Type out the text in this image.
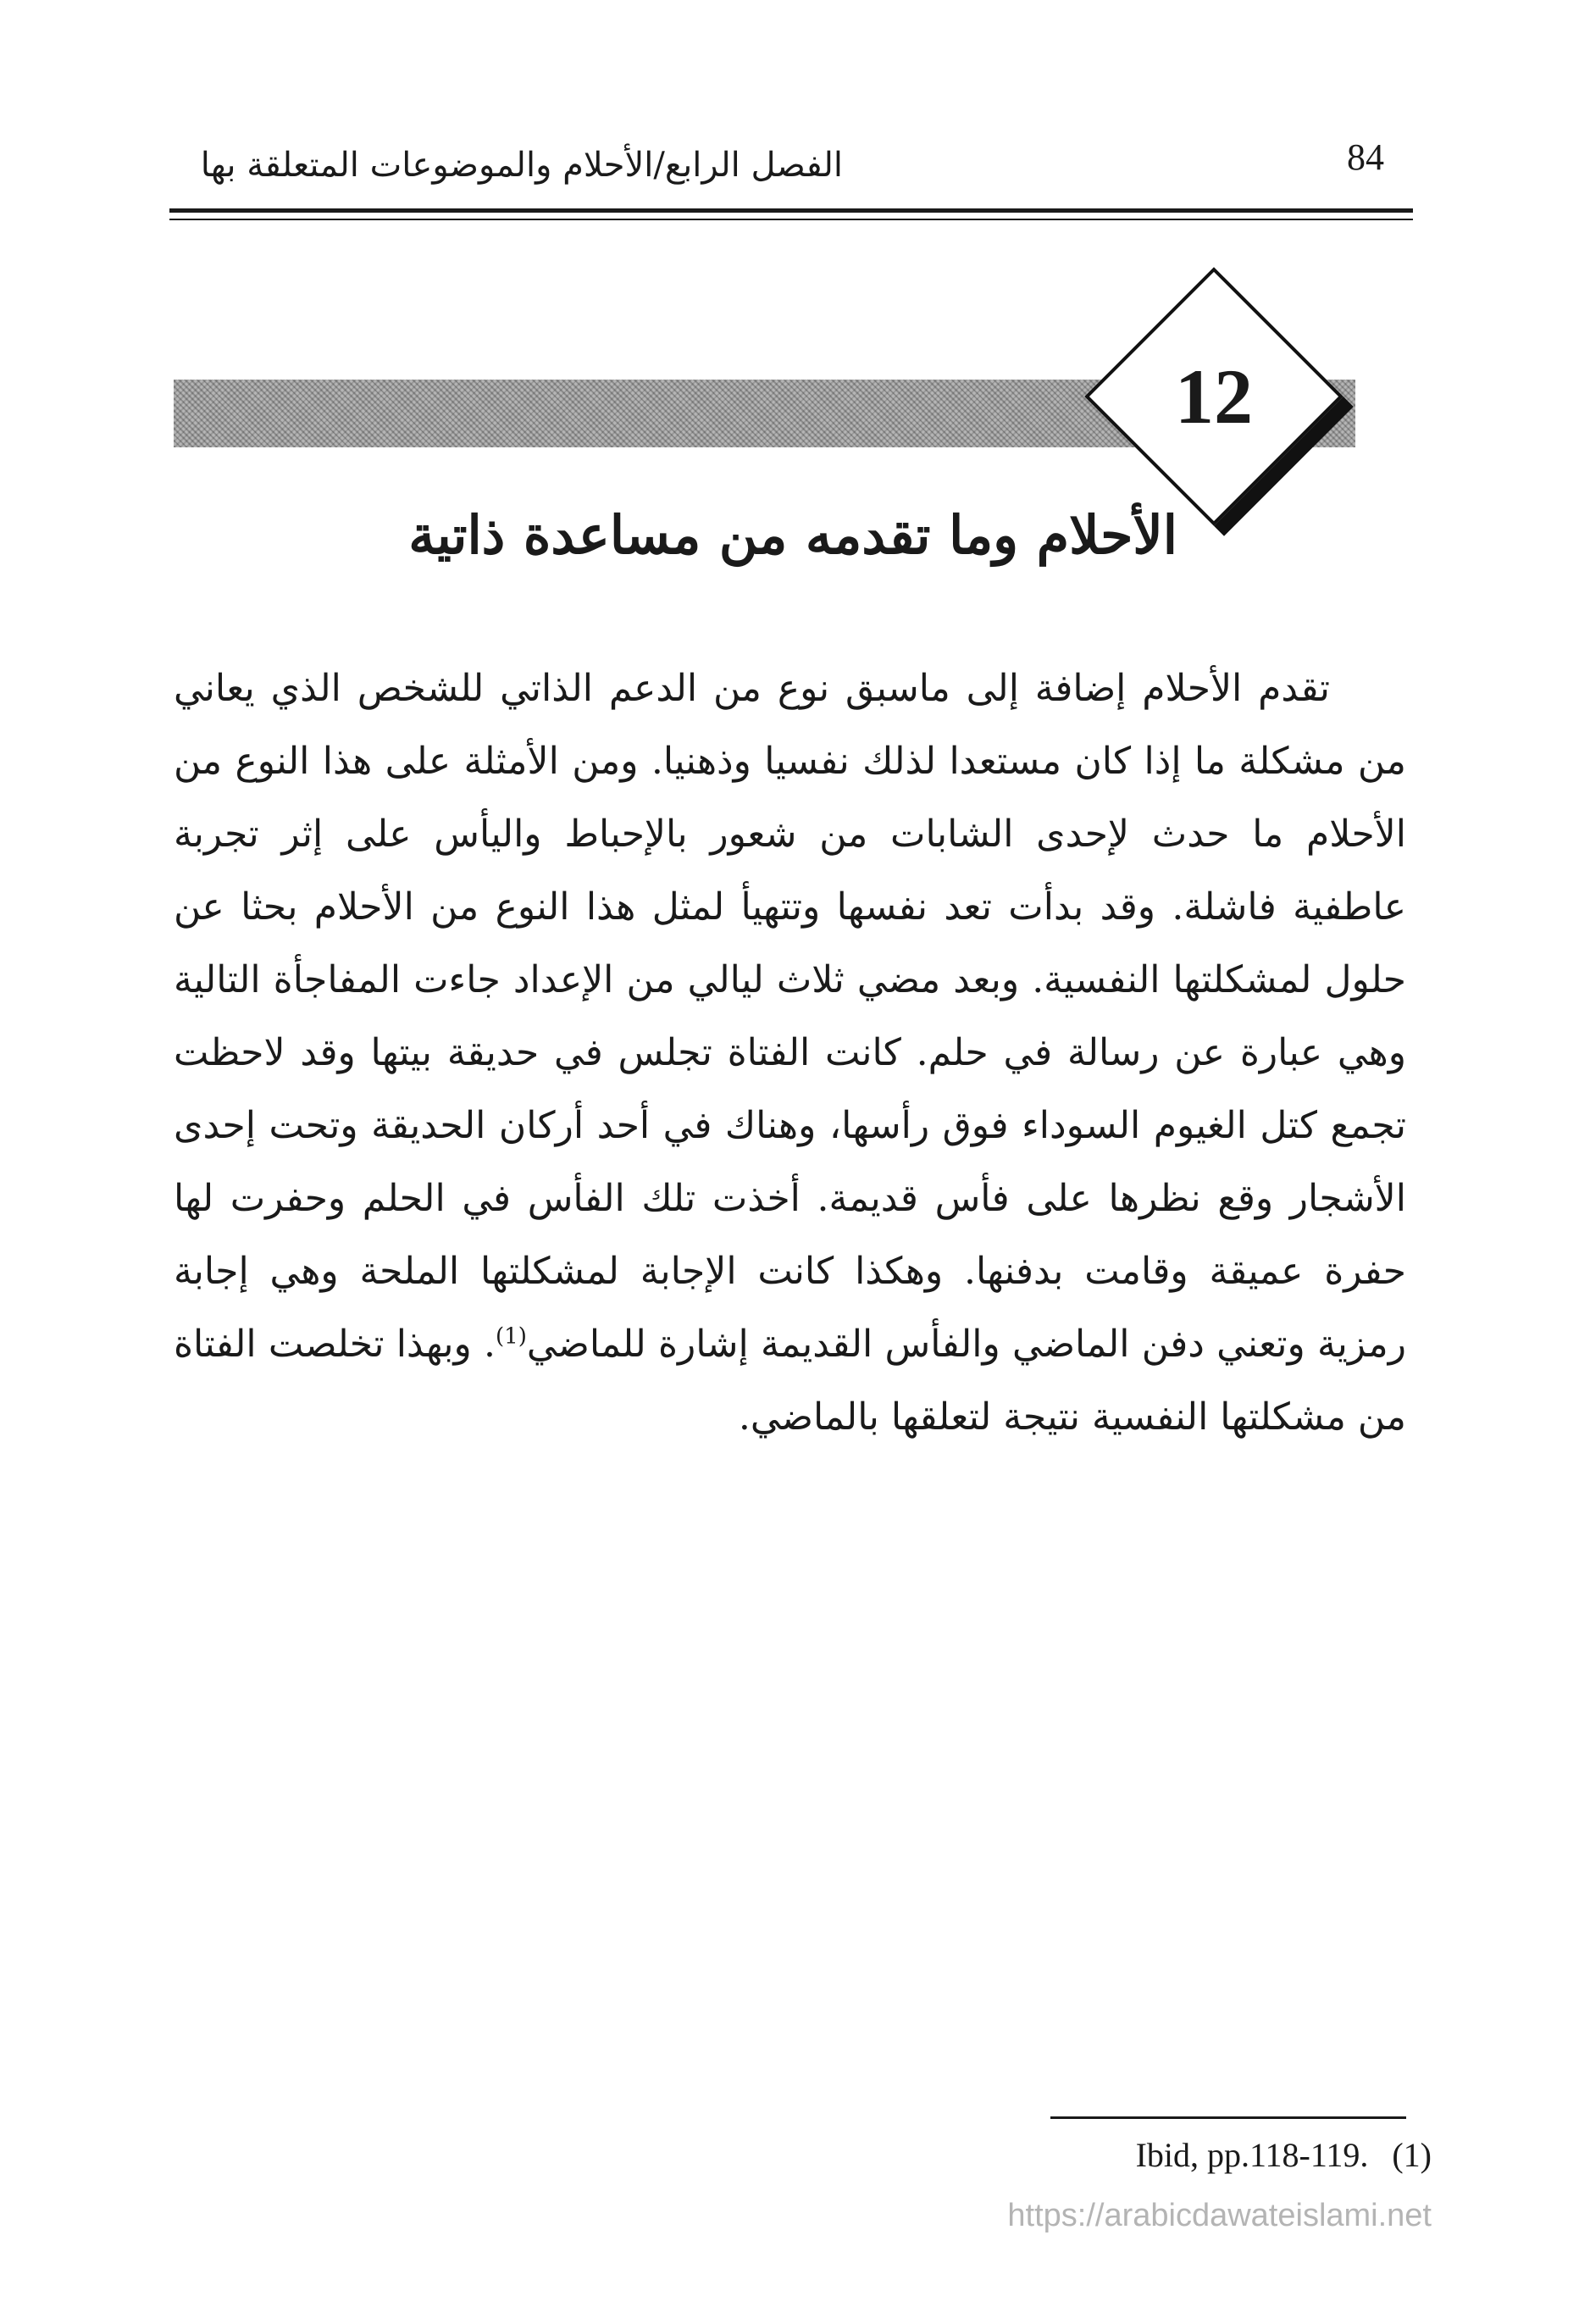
84
الفصل الرابع/الأحلام والموضوعات المتعلقة بها
12
الأحلام وما تقدمه من مساعدة ذاتية

تقدم الأحلام إضافة إلى ماسبق نوع من الدعم الذاتي للشخص الذي يعاني من مشكلة ما إذا كان مستعدا لذلك نفسيا وذهنيا. ومن الأمثلة على هذا النوع من الأحلام ما حدث لإحدى الشابات من شعور بالإحباط واليأس على إثر تجربة عاطفية فاشلة. وقد بدأت تعد نفسها وتتهيأ لمثل هذا النوع من الأحلام بحثا عن حلول لمشكلتها النفسية. وبعد مضي ثلاث ليالي من الإعداد جاءت المفاجأة التالية وهي عبارة عن رسالة في حلم. كانت الفتاة تجلس في حديقة بيتها وقد لاحظت تجمع كتل الغيوم السوداء فوق رأسها، وهناك في أحد أركان الحديقة وتحت إحدى الأشجار وقع نظرها على فأس قديمة. أخذت تلك الفأس في الحلم وحفرت لها حفرة عميقة وقامت بدفنها. وهكذا كانت الإجابة لمشكلتها الملحة وهي إجابة رمزية وتعني دفن الماضي والفأس القديمة إشارة للماضي$^{(1)}$. وبهذا تخلصت الفتاة من مشكلتها النفسية نتيجة لتعلقها بالماضي.

Ibid, pp.118-119. (1)
https://arabicdawateislami.net
